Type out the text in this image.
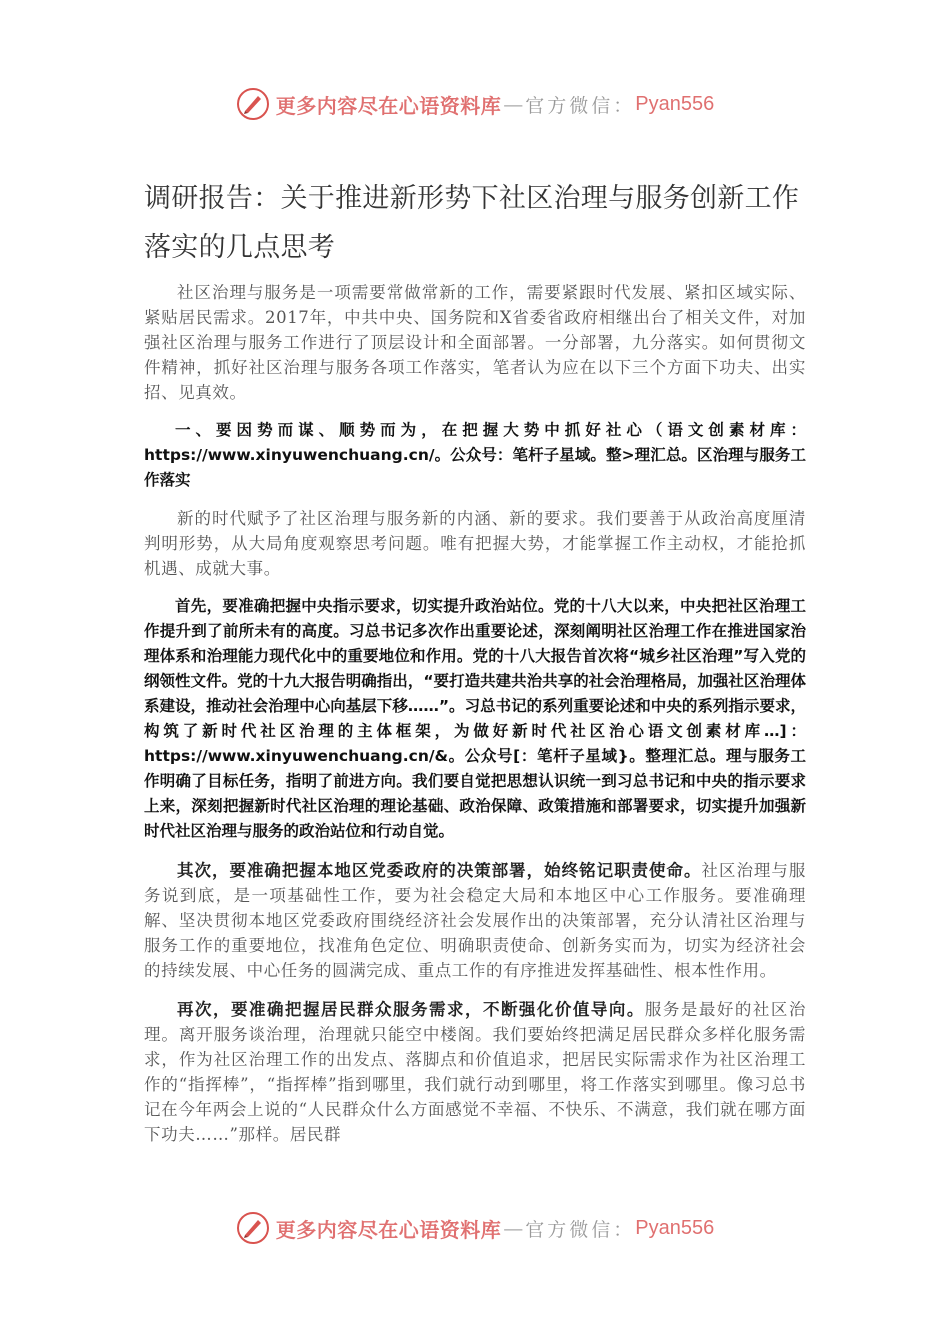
更多内容尽在心语资料库 — 官方微信： Pyan556
调研报告：关于推进新形势下社区治理与服务创新工作落实的几点思考

社区治理与服务是一项需要常做常新的工作，需要紧跟时代发展、紧扣区域实际、紧贴居民需求。2017年，中共中央、国务院和X省委省政府相继出台了相关文件，对加强社区治理与服务工作进行了顶层设计和全面部署。一分部署，九分落实。如何贯彻文件精神，抓好社区治理与服务各项工作落实，笔者认为应在以下三个方面下功夫、出实招、见真效。

一、要因势而谋、顺势而为，在把握大势中抓好社心（语文创素材库：https://www.xinyuwenchuang.cn/。公众号：笔杆子星域。整>理汇总。区治理与服务工作落实

新的时代赋予了社区治理与服务新的内涵、新的要求。我们要善于从政治高度厘清判明形势，从大局角度观察思考问题。唯有把握大势，才能掌握工作主动权，才能抢抓机遇、成就大事。

首先，要准确把握中央指示要求，切实提升政治站位。党的十八大以来，中央把社区治理工作提升到了前所未有的高度。习总书记多次作出重要论述，深刻阐明社区治理工作在推进国家治理体系和治理能力现代化中的重要地位和作用。党的十八大报告首次将“城乡社区治理”写入党的纲领性文件。党的十九大报告明确指出，“要打造共建共治共享的社会治理格局，加强社区治理体系建设，推动社会治理中心向基层下移……”。习总书记的系列重要论述和中央的系列指示要求，构筑了新时代社区治理的主体框架，为做好新时代社区治心语文创素材库…]：https://www.xinyuwenchuang.cn/&。公众号[：笔杆子星域}。整理汇总。理与服务工作明确了目标任务，指明了前进方向。我们要自觉把思想认识统一到习总书记和中央的指示要求上来，深刻把握新时代社区治理的理论基础、政治保障、政策措施和部署要求，切实提升加强新时代社区治理与服务的政治站位和行动自觉。

其次，要准确把握本地区党委政府的决策部署，始终铭记职责使命。社区治理与服务说到底，是一项基础性工作，要为社会稳定大局和本地区中心工作服务。要准确理解、坚决贯彻本地区党委政府围绕经济社会发展作出的决策部署，充分认清社区治理与服务工作的重要地位，找准角色定位、明确职责使命、创新务实而为，切实为经济社会的持续发展、中心任务的圆满完成、重点工作的有序推进发挥基础性、根本性作用。

再次，要准确把握居民群众服务需求，不断强化价值导向。服务是最好的社区治理。离开服务谈治理，治理就只能空中楼阁。我们要始终把满足居民群众多样化服务需求，作为社区治理工作的出发点、落脚点和价值追求，把居民实际需求作为社区治理工作的“指挥棒”，“指挥棒”指到哪里，我们就行动到哪里，将工作落实到哪里。像习总书记在今年两会上说的“人民群众什么方面感觉不幸福、不快乐、不满意，我们就在哪方面下功夫……”那样。居民群

更多内容尽在心语资料库 — 官方微信： Pyan556
